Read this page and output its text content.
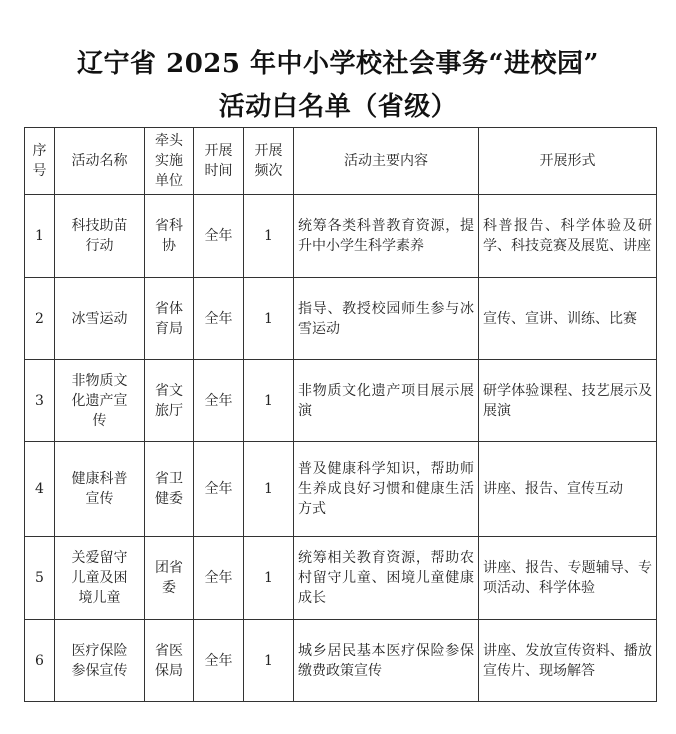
辽宁省 2025 年中小学校社会事务“进校园”
活动白名单（省级）
序号	活动名称	牵头实施单位	开展时间	开展频次	活动主要内容	开展形式
1	科技助苗行动	省科协	全年	1	统筹各类科普教育资源，提升中小学生科学素养	科普报告、科学体验及研学、科技竞赛及展览、讲座
2	冰雪运动	省体育局	全年	1	指导、教授校园师生参与冰雪运动	宣传、宣讲、训练、比赛
3	非物质文化遗产宣传	省文旅厅	全年	1	非物质文化遗产项目展示展演	研学体验课程、技艺展示及展演
4	健康科普宣传	省卫健委	全年	1	普及健康科学知识，帮助师生养成良好习惯和健康生活方式	讲座、报告、宣传互动
5	关爱留守儿童及困境儿童	团省委	全年	1	统筹相关教育资源，帮助农村留守儿童、困境儿童健康成长	讲座、报告、专题辅导、专项活动、科学体验
6	医疗保险参保宣传	省医保局	全年	1	城乡居民基本医疗保险参保缴费政策宣传	讲座、发放宣传资料、播放宣传片、现场解答
